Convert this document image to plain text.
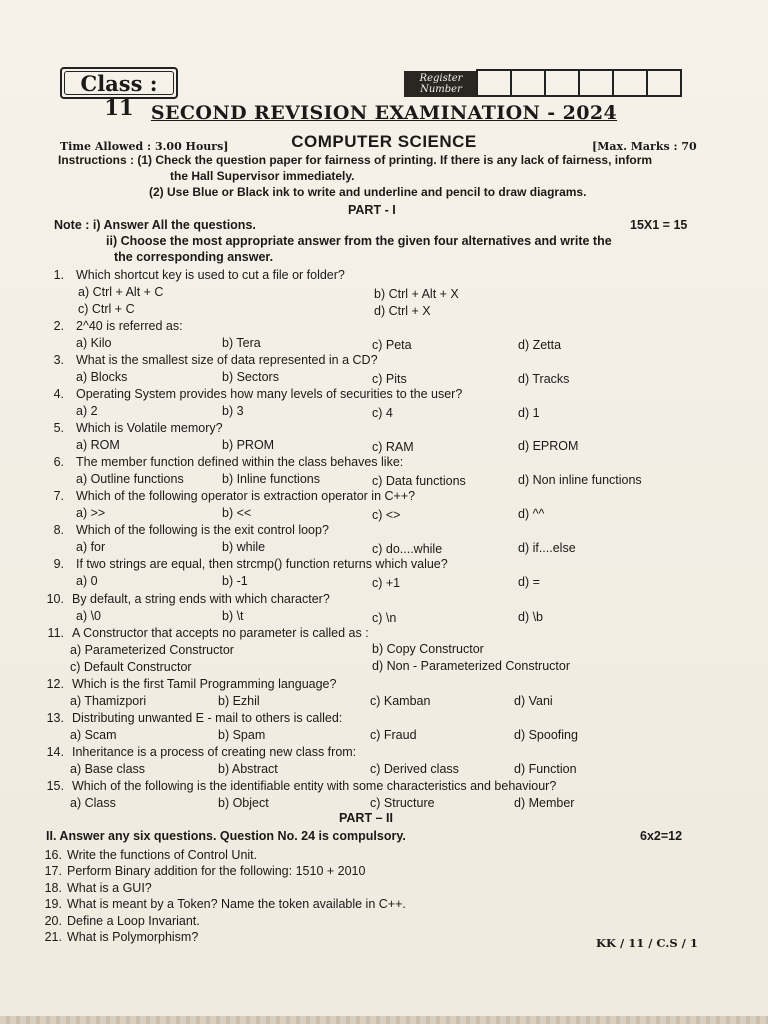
Class : 11
Register Number
SECOND REVISION EXAMINATION - 2024
COMPUTER SCIENCE
Time Allowed : 3.00 Hours]	[Max. Marks : 70
Instructions : (1) Check the question paper for fairness of printing. If there is any lack of fairness, inform
the Hall Supervisor immediately.
(2) Use Blue or Black ink to write and underline and pencil to draw diagrams.
PART - I
Note : i) Answer All the questions.	15X1 = 15
ii) Choose the most appropriate answer from the given four alternatives and write the
the corresponding answer.
1. Which shortcut key is used to cut a file or folder?
a) Ctrl + Alt + C	b) Ctrl + Alt + X
c) Ctrl + C	d) Ctrl + X
2. 2^40 is referred as:
a) Kilo	b) Tera	c) Peta	d) Zetta
3. What is the smallest size of data represented in a CD?
a) Blocks	b) Sectors	c) Pits	d) Tracks
4. Operating System provides how many levels of securities to the user?
a) 2	b) 3	c) 4	d) 1
5. Which is Volatile memory?
a) ROM	b) PROM	c) RAM	d) EPROM
6. The member function defined within the class behaves like:
a) Outline functions	b) Inline functions	c) Data functions	d) Non inline functions
7. Which of the following operator is extraction operator in C++?
a) >>	b) <<	c) <>	d) ^^
8. Which of the following is the exit control loop?
a) for	b) while	c) do....while	d) if....else
9. If two strings are equal, then strcmp() function returns which value?
a) 0	b) -1	c) +1	d) =
10. By default, a string ends with which character?
a) \0	b) \t	c) \n	d) \b
11. A Constructor that accepts no parameter is called as :
a) Parameterized Constructor	b) Copy Constructor
c) Default Constructor	d) Non - Parameterized Constructor
12. Which is the first Tamil Programming language?
a) Thamizpori	b) Ezhil	c) Kamban	d) Vani
13. Distributing unwanted E - mail to others is called:
a) Scam	b) Spam	c) Fraud	d) Spoofing
14. Inheritance is a process of creating new class from:
a) Base class	b) Abstract	c) Derived class	d) Function
15. Which of the following is the identifiable entity with some characteristics and behaviour?
a) Class	b) Object	c) Structure	d) Member
PART – II
II. Answer any six questions. Question No. 24 is compulsory.	6x2=12
16. Write the functions of Control Unit.
17. Perform Binary addition for the following: 1510 + 2010
18. What is a GUI?
19. What is meant by a Token? Name the token available in C++.
20. Define a Loop Invariant.
21. What is Polymorphism?	KK / 11 / C.S / 1
